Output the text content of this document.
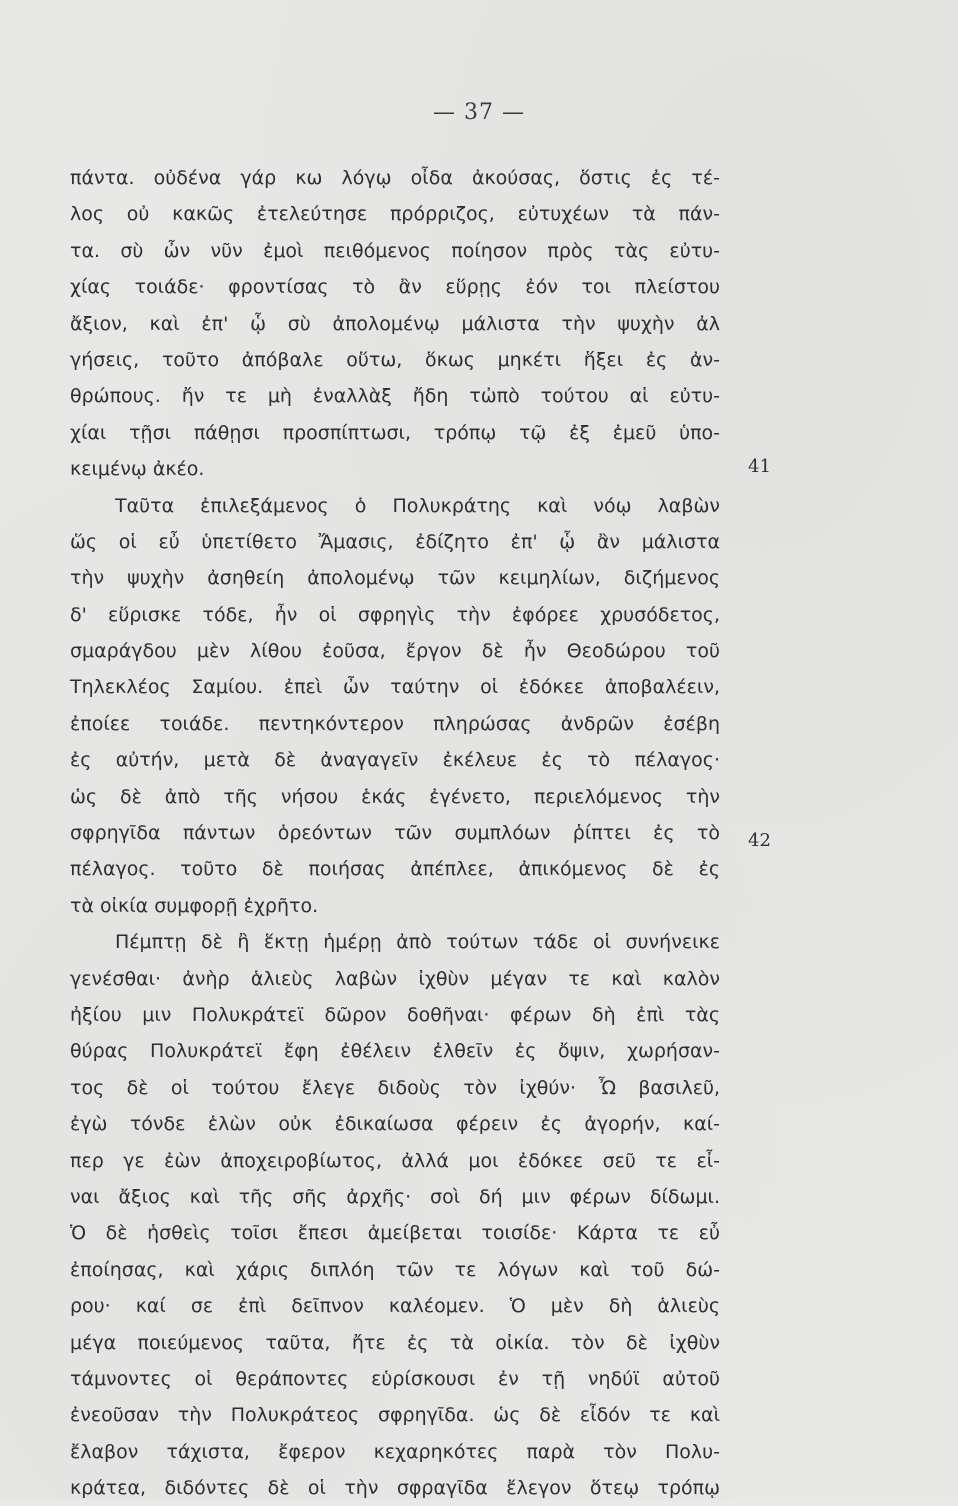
— 37 —
πάντα. οὐδένα γάρ κω λόγῳ οἶδα ἀκούσας, ὅστις ἐς τέ-
λος οὐ κακῶς ἐτελεύτησε πρόρριζος, εὐτυχέων τὰ πάν-
τα. σὺ ὦν νῦν ἐμοὶ πειθόμενος ποίησον πρὸς τὰς εὐτυ-
χίας τοιάδε· φροντίσας τὸ ἂν εὕρῃς ἐόν τοι πλείστου
ἄξιον, καὶ ἐπ' ᾧ σὺ ἀπολομένῳ μάλιστα τὴν ψυχὴν ἀλ
γήσεις, τοῦτο ἀπόβαλε οὕτω, ὅκως μηκέτι ἥξει ἐς ἀν-
θρώπους. ἤν τε μὴ ἐναλλὰξ ἤδη τὠπὸ τούτου αἱ εὐτυ-
χίαι τῇσι πάθῃσι προσπίπτωσι, τρόπῳ τῷ ἐξ ἐμεῦ ὑπο-
κειμένῳ ἀκέο.
Ταῦτα ἐπιλεξάμενος ὁ Πολυκράτης καὶ νόῳ λαβὼν
ὥς οἱ εὖ ὑπετίθετο Ἄμασις, ἐδίζητο ἐπ' ᾧ ἂν μάλιστα
τὴν ψυχὴν ἀσηθείη ἀπολομένῳ τῶν κειμηλίων, διζήμενος
δ' εὕρισκε τόδε, ἦν οἱ σφρηγὶς τὴν ἐφόρεε χρυσόδετος,
σμαράγδου μὲν λίθου ἐοῦσα, ἔργον δὲ ἦν Θεοδώρου τοῦ
Τηλεκλέος Σαμίου. ἐπεὶ ὦν ταύτην οἱ ἐδόκεε ἀποβαλέειν,
ἐποίεε τοιάδε. πεντηκόντερον πληρώσας ἀνδρῶν ἐσέβη
ἐς αὐτήν, μετὰ δὲ ἀναγαγεῖν ἐκέλευε ἐς τὸ πέλαγος·
ὡς δὲ ἀπὸ τῆς νήσου ἑκάς ἐγένετο, περιελόμενος τὴν
σφρηγῖδα πάντων ὁρεόντων τῶν συμπλόων ῥίπτει ἐς τὸ
πέλαγος. τοῦτο δὲ ποιήσας ἀπέπλεε, ἀπικόμενος δὲ ἐς
τὰ οἰκία συμφορῇ ἐχρῆτο.
Πέμπτῃ δὲ ἢ ἕκτῃ ἡμέρῃ ἀπὸ τούτων τάδε οἱ συνήνεικε
γενέσθαι· ἀνὴρ ἁλιεὺς λαβὼν ἰχθὺν μέγαν τε καὶ καλὸν
ἠξίου μιν Πολυκράτεϊ δῶρον δοθῆναι· φέρων δὴ ἐπὶ τὰς
θύρας Πολυκράτεϊ ἔφη ἐθέλειν ἐλθεῖν ἐς ὄψιν, χωρήσαν-
τος δὲ οἱ τούτου ἔλεγε διδοὺς τὸν ἰχθύν· Ὦ βασιλεῦ,
ἐγὼ τόνδε ἑλὼν οὐκ ἐδικαίωσα φέρειν ἐς ἀγορήν, καί-
περ γε ἐὼν ἀποχειροβίωτος, ἀλλά μοι ἐδόκεε σεῦ τε εἶ-
ναι ἄξιος καὶ τῆς σῆς ἀρχῆς· σοὶ δή μιν φέρων δίδωμι.
Ὁ δὲ ἡσθεὶς τοῖσι ἔπεσι ἀμείβεται τοισίδε· Κάρτα τε εὖ
ἐποίησας, καὶ χάρις διπλόη τῶν τε λόγων καὶ τοῦ δώ-
ρου· καί σε ἐπὶ δεῖπνον καλέομεν. Ὁ μὲν δὴ ἁλιεὺς
μέγα ποιεύμενος ταῦτα, ἤτε ἐς τὰ οἰκία. τὸν δὲ ἰχθὺν
τάμνοντες οἱ θεράποντες εὑρίσκουσι ἐν τῇ νηδύϊ αὐτοῦ
ἐνεοῦσαν τὴν Πολυκράτεος σφρηγῖδα. ὡς δὲ εἶδόν τε καὶ
ἔλαβον τάχιστα, ἔφερον κεχαρηκότες παρὰ τὸν Πολυ-
κράτεα, διδόντες δὲ οἱ τὴν σφραγῖδα ἔλεγον ὅτεῳ τρόπῳ
41
42
